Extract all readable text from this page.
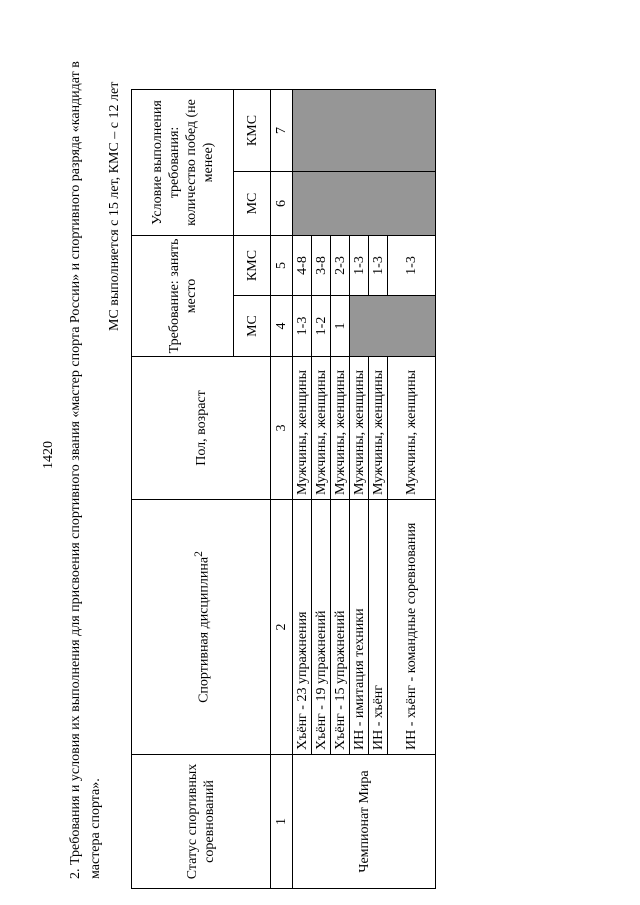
1420 2. Требования и условия их выполнения для присвоения спортивного звания «мастер спорта России» и спортивного разряда «кандидат в мастера спорта».
МС выполняется с 15 лет, КМС – с 12 лет
Статус спортивных соревнований	Спортивная дисциплина$^2$	Пол, возраст	Требование: занять место		Условие выполнения требования: количество побед (не менее)	
			МС	КМС	МС	КМС
1	2	3	4	5	6	7
Чемпионат Мира	Хъёнг - 23 упражнения	Мужчины, женщины	1-3	4-8		
	Хъёнг - 19 упражнений	Мужчины, женщины	1-2	3-8		
	Хъёнг - 15 упражнений	Мужчины, женщины	1	2-3		
	ИН - имитация техники	Мужчины, женщины		1-3		
	ИН - хъёнг	Мужчины, женщины		1-3		
	ИН - хъёнг - командные соревнования	Мужчины, женщины		1-3		
